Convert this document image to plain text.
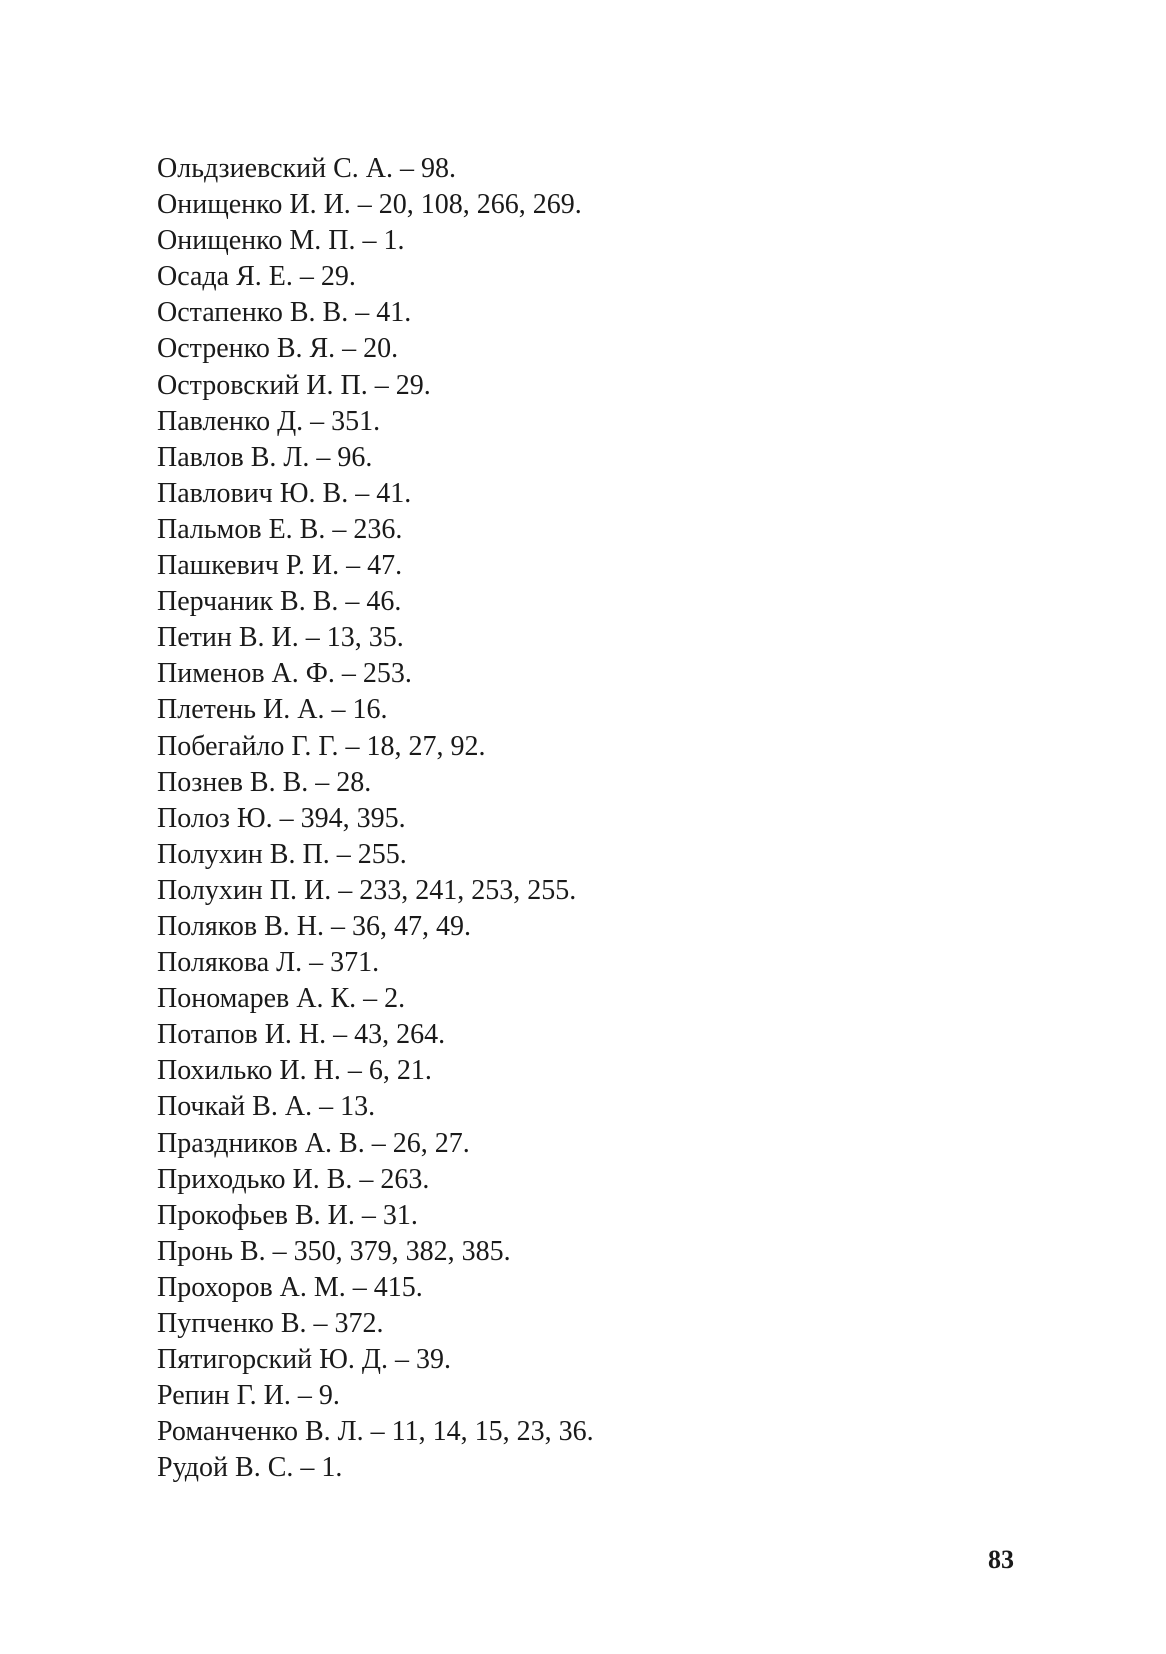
Ольдзиевский С. А. – 98.
Онищенко И. И. – 20, 108, 266, 269.
Онищенко М. П. – 1.
Осада Я. Е. – 29.
Остапенко В. В. – 41.
Остренко В. Я. – 20.
Островский И. П. – 29.
Павленко Д. – 351.
Павлов В. Л. – 96.
Павлович Ю. В. – 41.
Пальмов Е. В. – 236.
Пашкевич Р. И. – 47.
Перчаник В. В. – 46.
Петин В. И. – 13, 35.
Пименов А. Ф. – 253.
Плетень И. А. – 16.
Побегайло Г. Г. – 18, 27, 92.
Познев В. В. – 28.
Полоз Ю. – 394, 395.
Полухин В. П. – 255.
Полухин П. И. – 233, 241, 253, 255.
Поляков В. Н. – 36, 47, 49.
Полякова Л. – 371.
Пономарев А. К. – 2.
Потапов И. Н. – 43, 264.
Похилько И. Н. – 6, 21.
Почкай В. А. – 13.
Праздников А. В. – 26, 27.
Приходько И. В. – 263.
Прокофьев В. И. – 31.
Пронь В. – 350, 379, 382, 385.
Прохоров А. М. – 415.
Пупченко В. – 372.
Пятигорский Ю. Д. – 39.
Репин Г. И. – 9.
Романченко В. Л. – 11, 14, 15, 23, 36.
Рудой В. С. – 1.
83
